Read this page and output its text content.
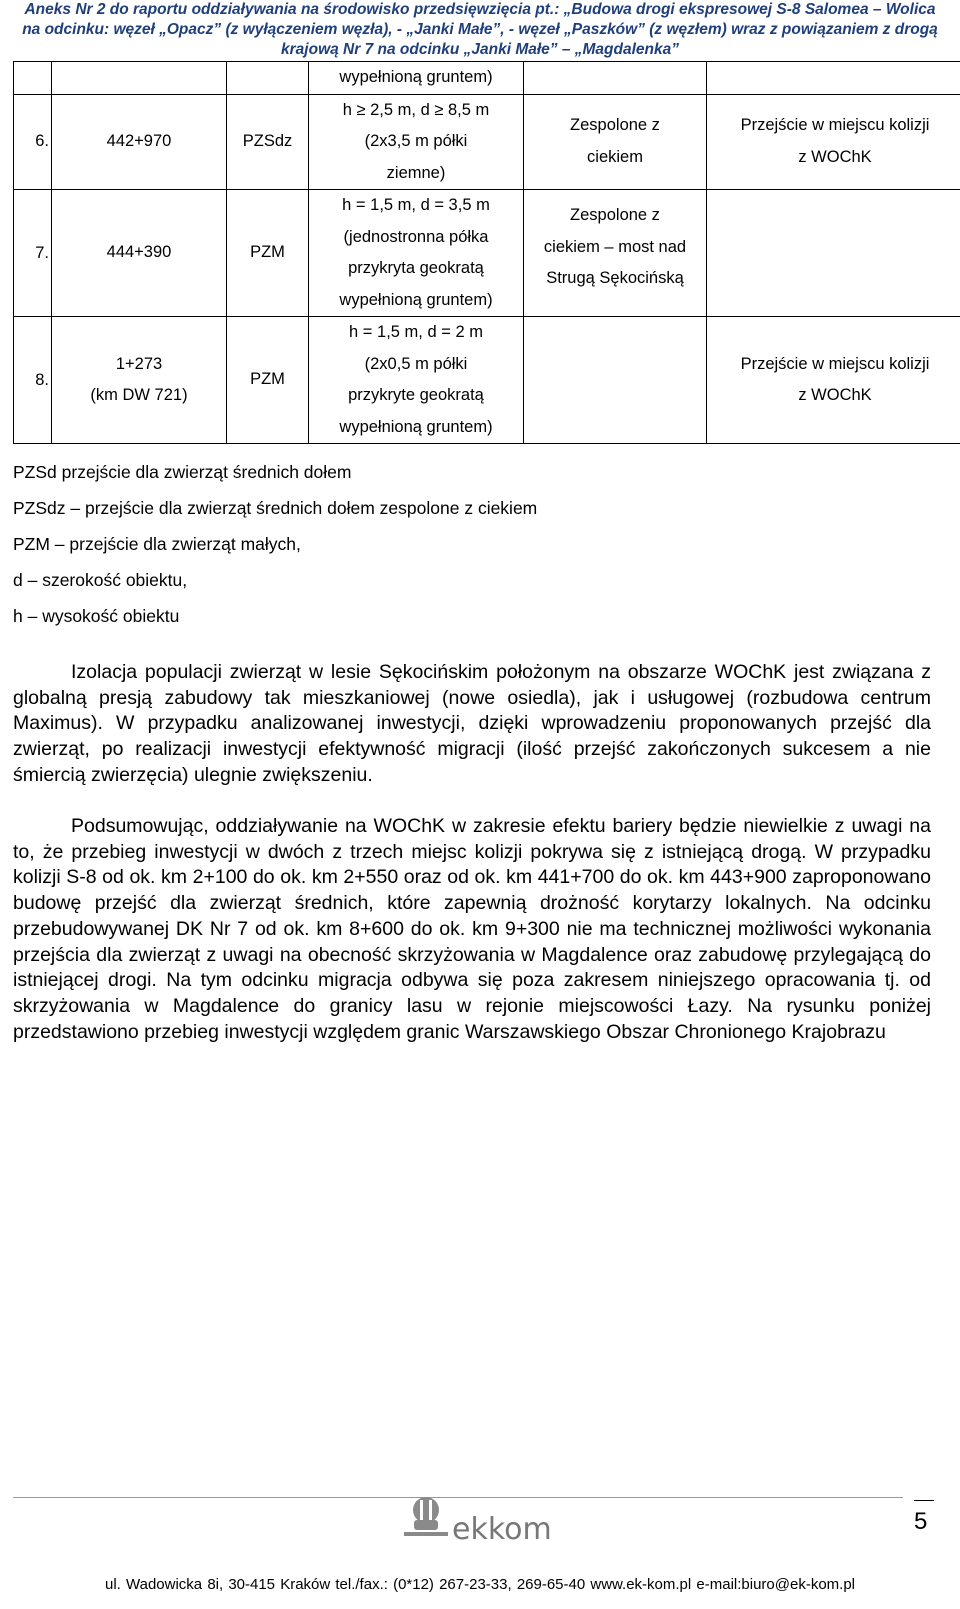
Aneks Nr 2 do raportu oddziaływania na środowisko przedsięwzięcia pt.: „Budowa drogi ekspresowej S-8 Salomea – Wolica
na odcinku: węzeł „Opacz” (z wyłączeniem węzła), - „Janki Małe”, - węzeł „Paszków” (z węzłem) wraz z powiązaniem z drogą
krajową Nr 7 na odcinku „Janki Małe” – „Magdalenka”

			wypełnioną gruntem)		

6.	442+970	PZSdz	h ≥ 2,5 m, d ≥ 8,5 m
(2x3,5 m półki
ziemne)	Zespolone z
ciekiem	Przejście w miejscu kolizji
z WOChK

7.	444+390	PZM	h = 1,5 m, d = 3,5 m
(jednostronna półka
przykryta geokratą
wypełnioną gruntem)	Zespolone z
ciekiem – most nad
Strugą Sękocińską	

8.	1+273
(km DW 721)	PZM	h = 1,5 m, d = 2 m
(2x0,5 m półki
przykryte geokratą
wypełnioną gruntem)		Przejście w miejscu kolizji
z WOChK
PZSd przejście dla zwierząt średnich dołem
PZSdz – przejście dla zwierząt średnich dołem zespolone z ciekiem
PZM – przejście dla zwierząt małych,
d – szerokość obiektu,
h – wysokość obiektu

Izolacja populacji zwierząt w lesie Sękocińskim położonym na obszarze WOChK jest związana z globalną presją zabudowy tak mieszkaniowej (nowe osiedla), jak i usługowej (rozbudowa centrum Maximus). W przypadku analizowanej inwestycji, dzięki wprowadzeniu proponowanych przejść dla zwierząt, po realizacji inwestycji efektywność migracji (ilość przejść zakończonych sukcesem a nie śmiercią zwierzęcia) ulegnie zwiększeniu.

Podsumowując, oddziaływanie na WOChK w zakresie efektu bariery będzie niewielkie z uwagi na to, że przebieg inwestycji w dwóch z trzech miejsc kolizji pokrywa się z istniejącą drogą. W przypadku kolizji S-8 od ok. km 2+100 do ok. km 2+550 oraz od ok. km 441+700 do ok. km 443+900 zaproponowano budowę przejść dla zwierząt średnich, które zapewnią drożność korytarzy lokalnych. Na odcinku przebudowywanej DK Nr 7 od ok. km 8+600 do ok. km 9+300 nie ma technicznej możliwości wykonania przejścia dla zwierząt z uwagi na obecność skrzyżowania w Magdalence oraz zabudowę przylegającą do istniejącej drogi. Na tym odcinku migracja odbywa się poza zakresem niniejszego opracowania tj. od skrzyżowania w Magdalence do granicy lasu w rejonie miejscowości Łazy. Na rysunku poniżej przedstawiono przebieg inwestycji względem granic Warszawskiego Obszar Chronionego Krajobrazu

ekkom	5
ul. Wadowicka 8i, 30-415 Kraków tel./fax.: (0*12) 267-23-33, 269-65-40 www.ek-kom.pl e-mail:biuro@ek-kom.pl
